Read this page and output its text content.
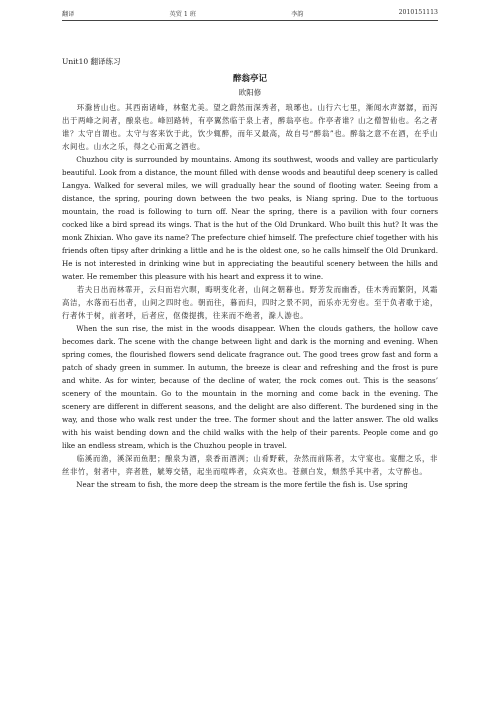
翻译	英贸 1 班	李韵	2010151113
Unit10 翻译练习
醉翁亭记
欧阳修

环滁皆山也。其西南诸峰，林壑尤美。望之蔚然而深秀者，琅琊也。山行六七里，渐闻水声潺潺，而泻出于两峰之间者，酿泉也。峰回路转，有亭翼然临于泉上者，醉翁亭也。作亭者谁？山之僧智仙也。名之者谁？太守自谓也。太守与客来饮于此，饮少辄醉，而年又最高，故自号“醉翁”也。醉翁之意不在酒，在乎山水间也。山水之乐，得之心而寓之酒也。

Chuzhou city is surrounded by mountains. Among its southwest, woods and valley are particularly beautiful. Look from a distance, the mount filled with dense woods and beautiful deep scenery is called Langya. Walked for several miles, we will gradually hear the sound of flooting water. Seeing from a distance, the spring, pouring down between the two peaks, is Niang spring. Due to the tortuous mountain, the road is following to turn off. Near the spring, there is a pavilion with four corners cocked like a bird spread its wings. That is the hut of the Old Drunkard. Who built this hut? It was the monk Zhixian. Who gave its name? The prefecture chief himself. The prefecture chief together with his friends often tipsy after drinking a little and he is the oldest one, so he calls himself the Old Drunkard. He is not interested in drinking wine but in appreciating the beautiful scenery between the hills and water. He remember this pleasure with his heart and express it to wine.

若夫日出而林霏开，云归而岩穴暝，晦明变化者，山间之朝暮也。野芳发而幽香，佳木秀而繁阴，风霜高洁，水落而石出者，山间之四时也。朝而往，暮而归，四时之景不同，而乐亦无穷也。至于负者歌于途，行者休于树，前者呼，后者应，伛偻提携，往来而不绝者，滁人游也。

When the sun rise, the mist in the woods disappear. When the clouds gathers, the hollow cave becomes dark. The scene with the change between light and dark is the morning and evening. When spring comes, the flourished flowers send delicate fragrance out. The good trees grow fast and form a patch of shady green in summer. In autumn, the breeze is clear and refreshing and the frost is pure and white. As for winter, because of the decline of water, the rock comes out. This is the seasons’ scenery of the mountain. Go to the mountain in the morning and come back in the evening. The scenery are different in different seasons, and the delight are also different. The burdened sing in the way, and those who walk rest under the tree. The former shout and the latter answer. The old walks with his waist bending down and the child walks with the help of their parents. People come and go like an endless stream, which is the Chuzhou people in travel.

临溪而渔，溪深而鱼肥；酿泉为酒，泉香而酒洌；山肴野蔌，杂然而前陈者，太守宴也。宴酣之乐，非丝非竹，射者中，弈者胜，觥筹交错，起坐而喧哗者，众宾欢也。苍颜白发，颓然乎其中者，太守醉也。

Near the stream to fish, the more deep the stream is the more fertile the fish is. Use spring
